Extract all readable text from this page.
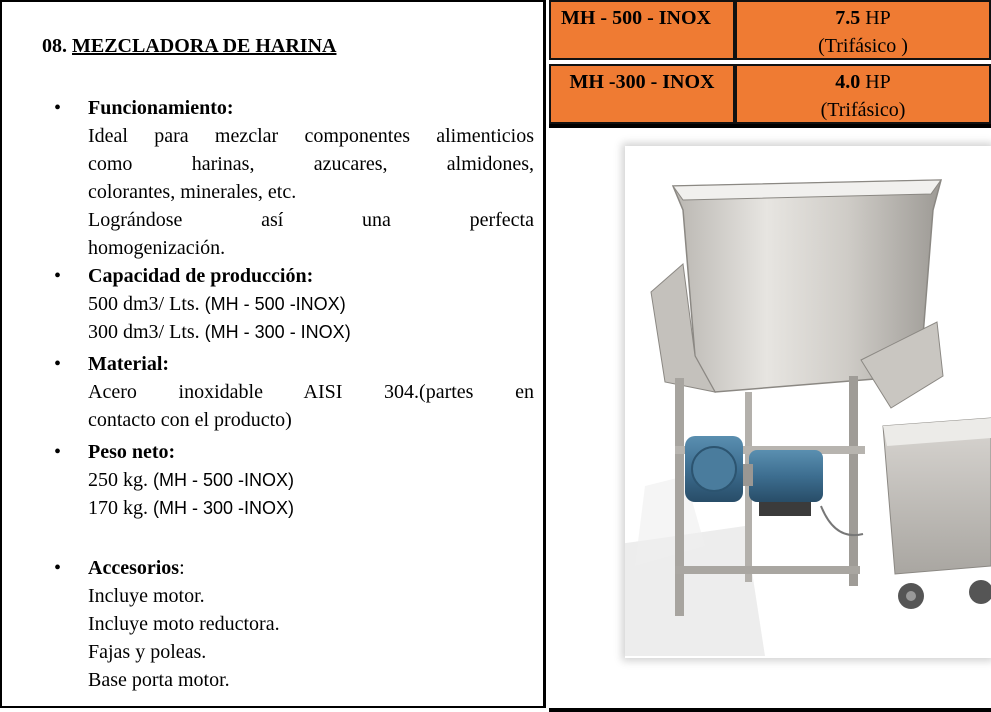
08. MEZCLADORA DE HARINA
• Funcionamiento:
Ideal para mezclar componentes alimenticios
como harinas, azucares, almidones,
colorantes, minerales, etc.
Lográndose así una perfecta
homogenización.
• Capacidad de producción:
500 dm3/ Lts. (MH - 500 -INOX)
300 dm3/ Lts. (MH - 300 - INOX)
• Material:
Acero inoxidable AISI 304.(partes en
contacto con el producto)
• Peso neto:
250 kg. (MH - 500 -INOX)
170 kg. (MH - 300 -INOX)
• Accesorios:
Incluye motor.
Incluye moto reductora.
Fajas y poleas.
Base porta motor.
MH - 500 - INOX	7.5 HP
(Trifásico )
MH -300 - INOX	4.0 HP
(Trifásico)
